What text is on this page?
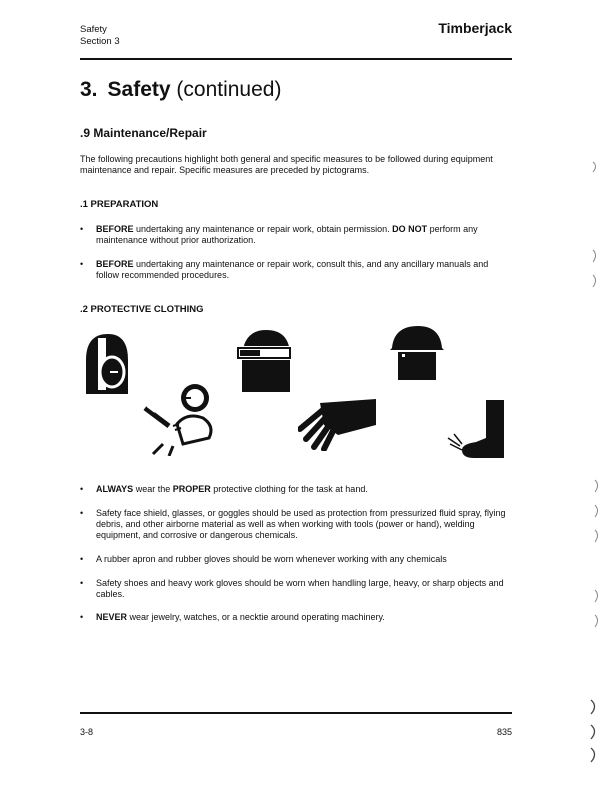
Safety
Section 3
Timberjack
3. Safety (continued)
.9 Maintenance/Repair
The following precautions highlight both general and specific measures to be followed during equipment maintenance and repair. Specific measures are preceded by pictograms.
.1 PREPARATION
•	BEFORE undertaking any maintenance or repair work, obtain permission. DO NOT perform any maintenance without prior authorization.
•	BEFORE undertaking any maintenance or repair work, consult this, and any ancillary manuals and follow recommended procedures.
.2 PROTECTIVE CLOTHING
•	ALWAYS wear the PROPER protective clothing for the task at hand.
•	Safety face shield, glasses, or goggles should be used as protection from pressurized fluid spray, flying debris, and other airborne material as well as when working with tools (power or hand), welding equipment, and corrosive or dangerous chemicals.
•	A rubber apron and rubber gloves should be worn whenever working with any chemicals
•	Safety shoes and heavy work gloves should be worn when handling large, heavy, or sharp objects and cables.
•	NEVER wear jewelry, watches, or a necktie around operating machinery.
3-8	835
